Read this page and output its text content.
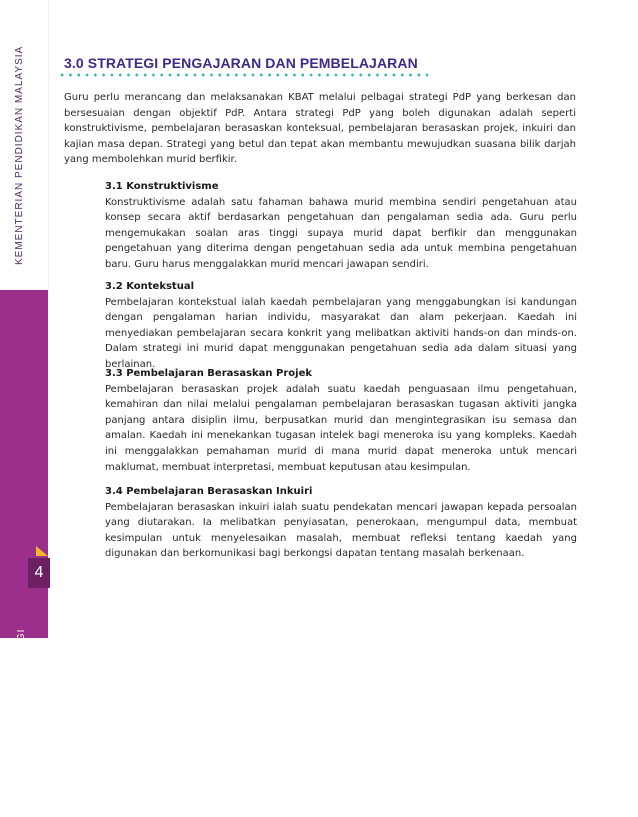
KEMENTERIAN PENDIDIKAN MALAYSIA
ELEMEN KBAT DALAM PEDAGOGI
4
3.0 STRATEGI PENGAJARAN DAN PEMBELAJARAN

Guru perlu merancang dan melaksanakan KBAT melalui pelbagai strategi PdP yang berkesan dan bersesuaian dengan objektif PdP. Antara strategi PdP yang boleh digunakan adalah seperti konstruktivisme, pembelajaran berasaskan konteksual, pembelajaran berasaskan projek, inkuiri dan kajian masa depan. Strategi yang betul dan tepat akan membantu mewujudkan suasana bilik darjah yang membolehkan murid berfikir.

3.1 Konstruktivisme

Konstruktivisme adalah satu fahaman bahawa murid membina sendiri pengetahuan atau konsep secara aktif berdasarkan pengetahuan dan pengalaman sedia ada. Guru perlu mengemukakan soalan aras tinggi supaya murid dapat berfikir dan menggunakan pengetahuan yang diterima dengan pengetahuan sedia ada untuk membina pengetahuan baru. Guru harus menggalakkan murid mencari jawapan sendiri.

3.2 Kontekstual

Pembelajaran kontekstual ialah kaedah pembelajaran yang menggabungkan isi kandungan dengan pengalaman harian individu, masyarakat dan alam pekerjaan. Kaedah ini menyediakan pembelajaran secara konkrit yang melibatkan aktiviti hands-on dan minds-on. Dalam strategi ini murid dapat menggunakan pengetahuan sedia ada dalam situasi yang berlainan.

3.3 Pembelajaran Berasaskan Projek

Pembelajaran berasaskan projek adalah suatu kaedah penguasaan ilmu pengetahuan, kemahiran dan nilai melalui pengalaman pembelajaran berasaskan tugasan aktiviti jangka panjang antara disiplin ilmu, berpusatkan murid dan mengintegrasikan isu semasa dan amalan. Kaedah ini menekankan tugasan intelek bagi meneroka isu yang kompleks. Kaedah ini menggalakkan pemahaman murid di mana murid dapat meneroka untuk mencari maklumat, membuat interpretasi, membuat keputusan atau kesimpulan.

3.4 Pembelajaran Berasaskan Inkuiri

Pembelajaran berasaskan inkuiri ialah suatu pendekatan mencari jawapan kepada persoalan yang diutarakan. Ia melibatkan penyiasatan, penerokaan, mengumpul data, membuat kesimpulan untuk menyelesaikan masalah, membuat refleksi tentang kaedah yang digunakan dan berkomunikasi bagi berkongsi dapatan tentang masalah berkenaan.
